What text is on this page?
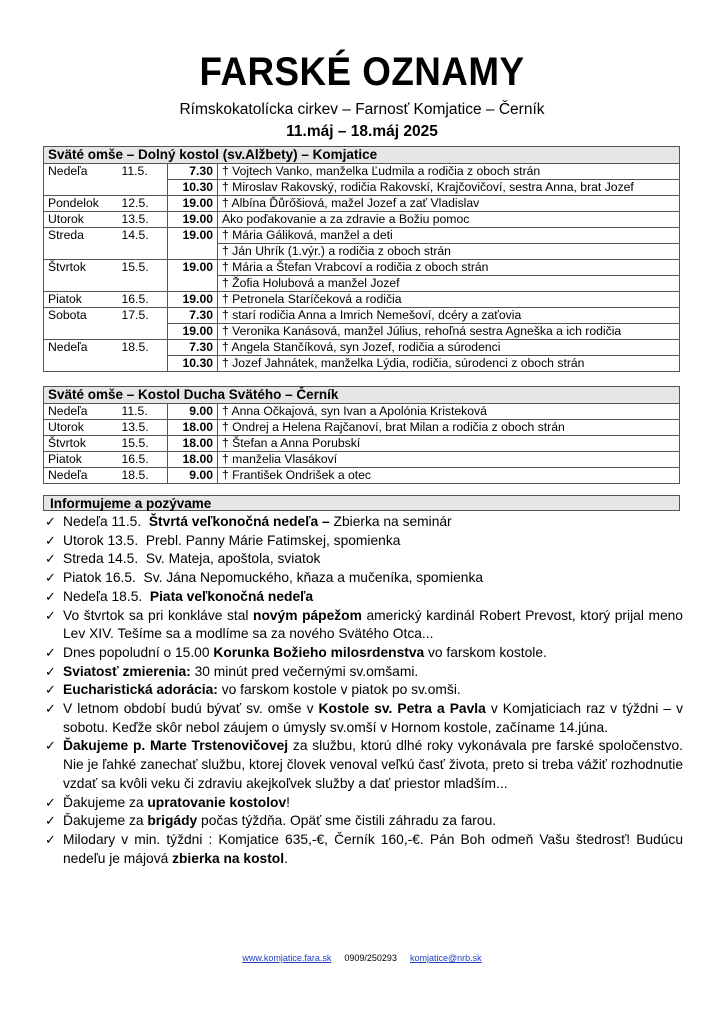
FARSKÉ OZNAMY
Rímskokatolícka cirkev – Farnosť Komjatice – Černík
11.máj – 18.máj 2025
Sväté omše – Dolný kostol (sv.Alžbety) – Komjatice			
Nedeľa	11.5.	7.30	† Vojtech Vanko, manželka Ľudmila a rodičia z oboch strán
		10.30	† Miroslav Rakovský, rodičia Rakovskí, Krajčovičoví, sestra Anna, brat Jozef
Pondelok	12.5.	19.00	† Albína Ďůrőšiová, mažel Jozef a zať Vladislav
Utorok	13.5.	19.00	Ako poďakovanie a za zdravie a Božiu pomoc
Streda	14.5.	19.00	† Mária Gáliková, manžel a deti
			† Ján Uhrík (1.výr.) a rodičia z oboch strán
Štvrtok	15.5.	19.00	† Mária a Štefan Vrabcoví a rodičia z oboch strán
			† Žofia Holubová a manžel Jozef
Piatok	16.5.	19.00	† Petronela Staríčeková a rodičia
Sobota	17.5.	7.30	† starí rodičia Anna a Imrich Nemešoví, dcéry a zaťovia
		19.00	† Veronika Kanásová, manžel Július, rehoľná sestra Agneška a ich rodičia
Nedeľa	18.5.	7.30	† Angela Stančíková, syn Jozef, rodičia a súrodenci
		10.30	† Jozef Jahnátek, manželka Lýdia, rodičia, súrodenci z oboch strán
Sväté omše – Kostol Ducha Svätého – Černík			
Nedeľa	11.5.	9.00	† Anna Očkajová, syn Ivan a Apolónia Kristeková
Utorok	13.5.	18.00	† Ondrej a Helena Rajčanoví, brat Milan a rodičia z oboch strán
Štvrtok	15.5.	18.00	† Štefan a Anna Porubskí
Piatok	16.5.	18.00	† manželia Vlasákoví
Nedeľa	18.5.	9.00	† František Ondrišek a otec
Informujeme a pozývame
✓ Nedeľa 11.5.  Štvrtá veľkonočná nedeľa – Zbierka na seminár
✓ Utorok 13.5.  Prebl. Panny Márie Fatimskej, spomienka
✓ Streda 14.5.  Sv. Mateja, apoštola, sviatok
✓ Piatok 16.5.  Sv. Jána Nepomuckého, kňaza a mučeníka, spomienka
✓ Nedeľa 18.5.  Piata veľkonočná nedeľa
✓ Vo štvrtok sa pri konkláve stal novým pápežom americký kardinál Robert Prevost, ktorý prijal meno Lev XIV. Tešíme sa a modlíme sa za nového Svätého Otca...
✓ Dnes popoludní o 15.00 Korunka Božieho milosrdenstva vo farskom kostole.
✓ Sviatosť zmierenia: 30 minút pred večernými sv.omšami.
✓ Eucharistická adorácia: vo farskom kostole v piatok po sv.omši.
✓ V letnom období budú bývať sv. omše v Kostole sv. Petra a Pavla v Komjaticiach raz v týždni – v sobotu. Keďže skôr nebol záujem o úmysly sv.omší v Hornom kostole, začíname 14.júna.
✓ Ďakujeme p. Marte Trstenovičovej za službu, ktorú dlhé roky vykonávala pre farské spoločenstvo. Nie je ľahké zanechať službu, ktorej človek venoval veľkú časť života, preto si treba vážiť rozhodnutie vzdať sa kvôli veku či zdraviu akejkoľvek služby a dať priestor mladším...
✓ Ďakujeme za upratovanie kostolov!
✓ Ďakujeme za brigády počas týždňa. Opäť sme čistili záhradu za farou.
✓ Milodary v min. týždni : Komjatice 635,-€, Černík 160,-€. Pán Boh odmeň Vašu štedrosť! Budúcu nedeľu je májová zbierka na kostol.
www.komjatice.fara.sk 0909/250293 komjatice@nrb.sk
